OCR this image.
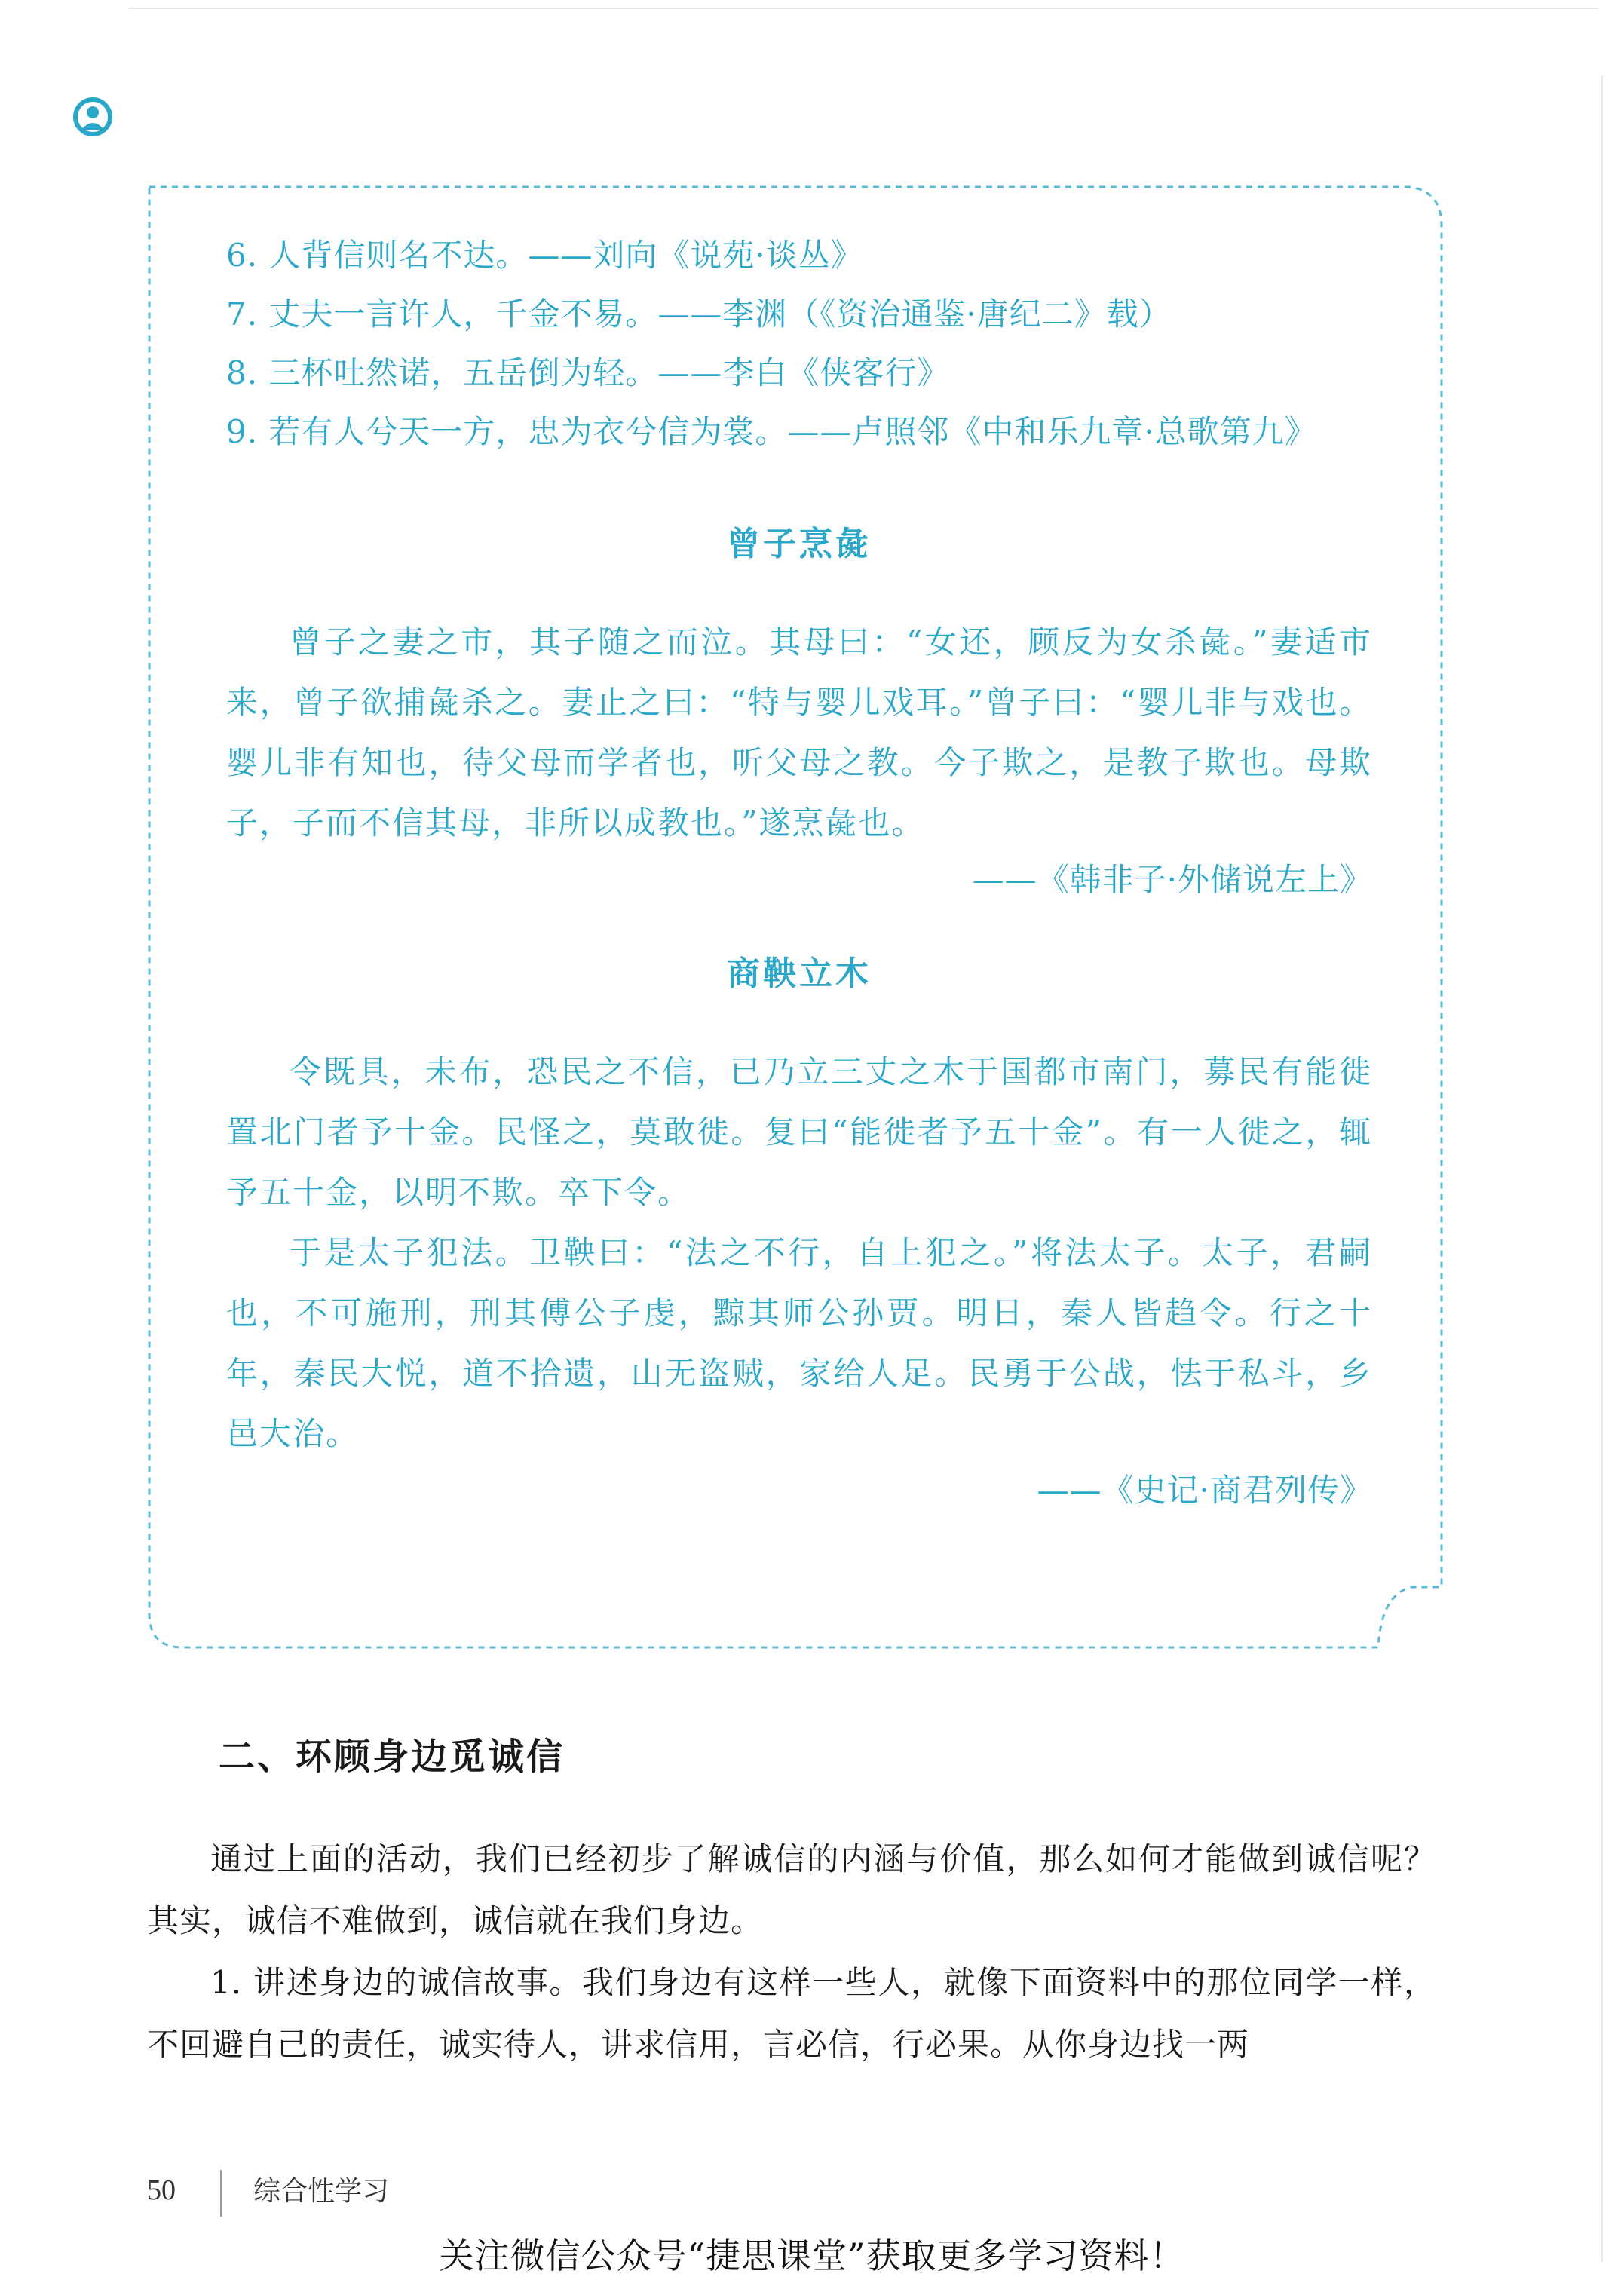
6. 人背信则名不达。——刘向《说苑·谈丛》
7. 丈夫一言许人，千金不易。——李渊（《资治通鉴·唐纪二》载）
8. 三杯吐然诺，五岳倒为轻。——李白《侠客行》
9. 若有人兮天一方，忠为衣兮信为裳。——卢照邻《中和乐九章·总歌第九》
曾子烹彘

曾子之妻之市，其子随之而泣。其母曰：“女还，顾反为女杀彘。”妻适市来，曾子欲捕彘杀之。妻止之曰：“特与婴儿戏耳。”曾子曰：“婴儿非与戏也。婴儿非有知也，待父母而学者也，听父母之教。今子欺之，是教子欺也。母欺子，子而不信其母，非所以成教也。”遂烹彘也。

——《韩非子·外储说左上》

商鞅立木

令既具，未布，恐民之不信，已乃立三丈之木于国都市南门，募民有能徙置北门者予十金。民怪之，莫敢徙。复曰“能徙者予五十金”。有一人徙之，辄予五十金，以明不欺。卒下令。

于是太子犯法。卫鞅曰：“法之不行，自上犯之。”将法太子。太子，君嗣也，不可施刑，刑其傅公子虔，黥其师公孙贾。明日，秦人皆趋令。行之十年，秦民大悦，道不拾遗，山无盗贼，家给人足。民勇于公战，怯于私斗，乡邑大治。

——《史记·商君列传》

二、环顾身边觅诚信

通过上面的活动，我们已经初步了解诚信的内涵与价值，那么如何才能做到诚信呢？其实，诚信不难做到，诚信就在我们身边。

1. 讲述身边的诚信故事。我们身边有这样一些人，就像下面资料中的那位同学一样，不回避自己的责任，诚实待人，讲求信用，言必信，行必果。从你身边找一两

50	综合性学习
关注微信公众号“捷思课堂”获取更多学习资料！
